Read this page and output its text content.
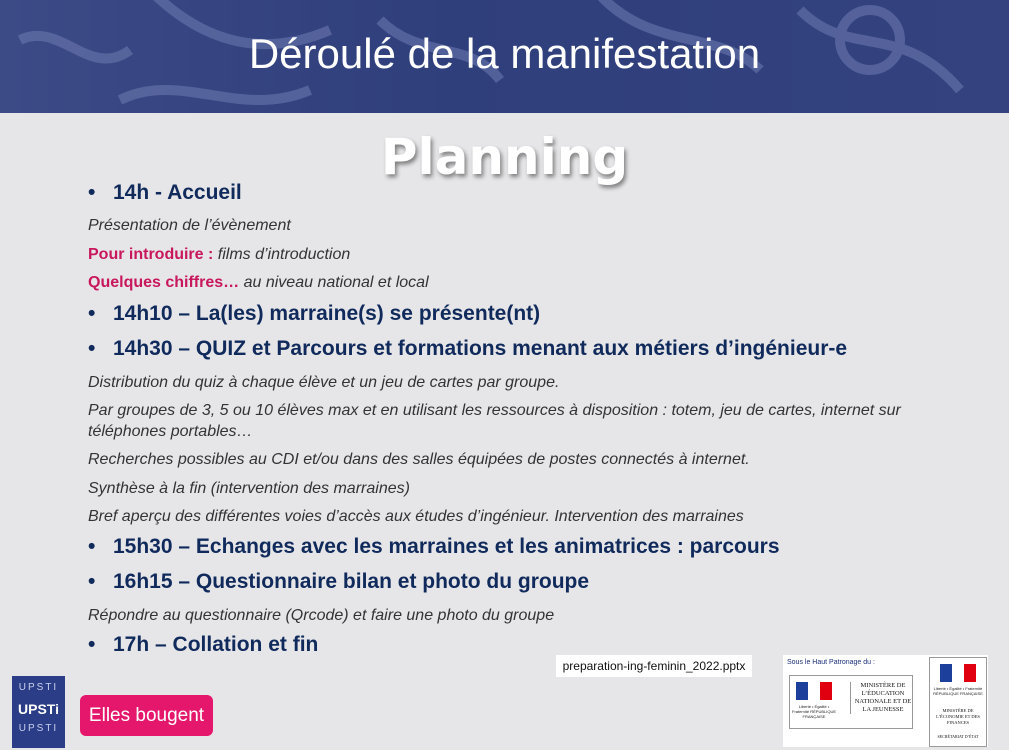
Déroulé de la manifestation
Planning
• 14h - Accueil
Présentation de l’évènement
Pour introduire : films d’introduction
Quelques chiffres… au niveau national et local
• 14h10 – La(les) marraine(s) se présente(nt)
• 14h30 – QUIZ et Parcours et formations menant aux métiers d’ingénieur-e
Distribution du quiz à chaque élève et un jeu de cartes par groupe.
Par groupes de 3, 5 ou 10 élèves max et en utilisant les ressources à disposition : totem, jeu de cartes, internet sur téléphones portables…
Recherches possibles au CDI et/ou dans des salles équipées de postes connectés à internet.
Synthèse à la fin (intervention des marraines)
Bref aperçu des différentes voies d’accès aux études d’ingénieur. Intervention des marraines
• 15h30 – Echanges avec les marraines et les animatrices : parcours
• 16h15 – Questionnaire bilan et photo du groupe
Répondre au questionnaire (Qrcode) et faire une photo du groupe
• 17h – Collation et fin
preparation-ing-feminin_2022.pptx
UPSTI
UPSTi
UPSTI
Elles bougent
Sous le Haut Patronage du :
Liberté • Égalité • Fraternité RÉPUBLIQUE FRANÇAISE
MINISTÈRE DE L’ÉDUCATION NATIONALE ET DE LA JEUNESSE
Liberté • Égalité • Fraternité RÉPUBLIQUE FRANÇAISE
MINISTÈRE DE L’ÉCONOMIE ET DES FINANCES
SECRÉTARIAT D’ÉTAT
